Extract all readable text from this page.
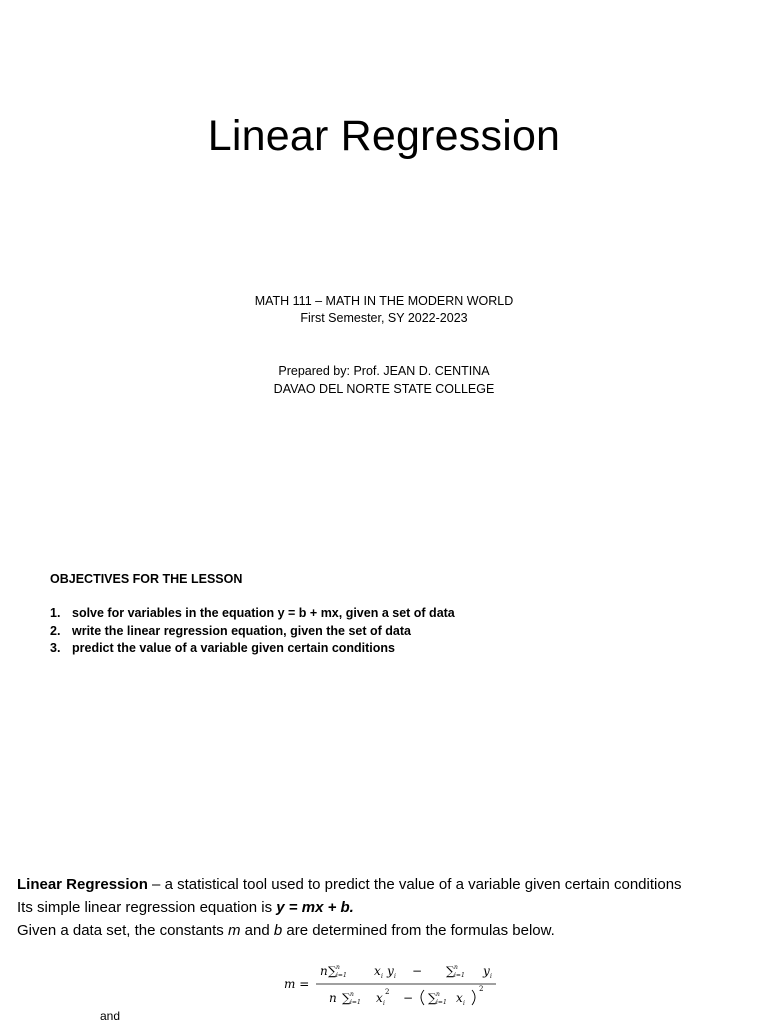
Linear Regression
MATH 111 – MATH IN THE MODERN WORLD
First Semester, SY 2022-2023
Prepared by: Prof. JEAN D. CENTINA
DAVAO DEL NORTE STATE COLLEGE
OBJECTIVES FOR THE LESSON
1. solve for variables in the equation y = b + mx, given a set of data
2. write the linear regression equation, given the set of data
3. predict the value of a variable given certain conditions
Linear Regression – a statistical tool used to predict the value of a variable given certain conditions
Its simple linear regression equation is y = mx + b.
Given a data set, the constants m and b are determined from the formulas below.
m =
n ∑ n
i=1 x i y i − ∑ n
i=1 y i
n ∑ n
i=1 x i
2 − ∑ n
i=1 x i
2
and
